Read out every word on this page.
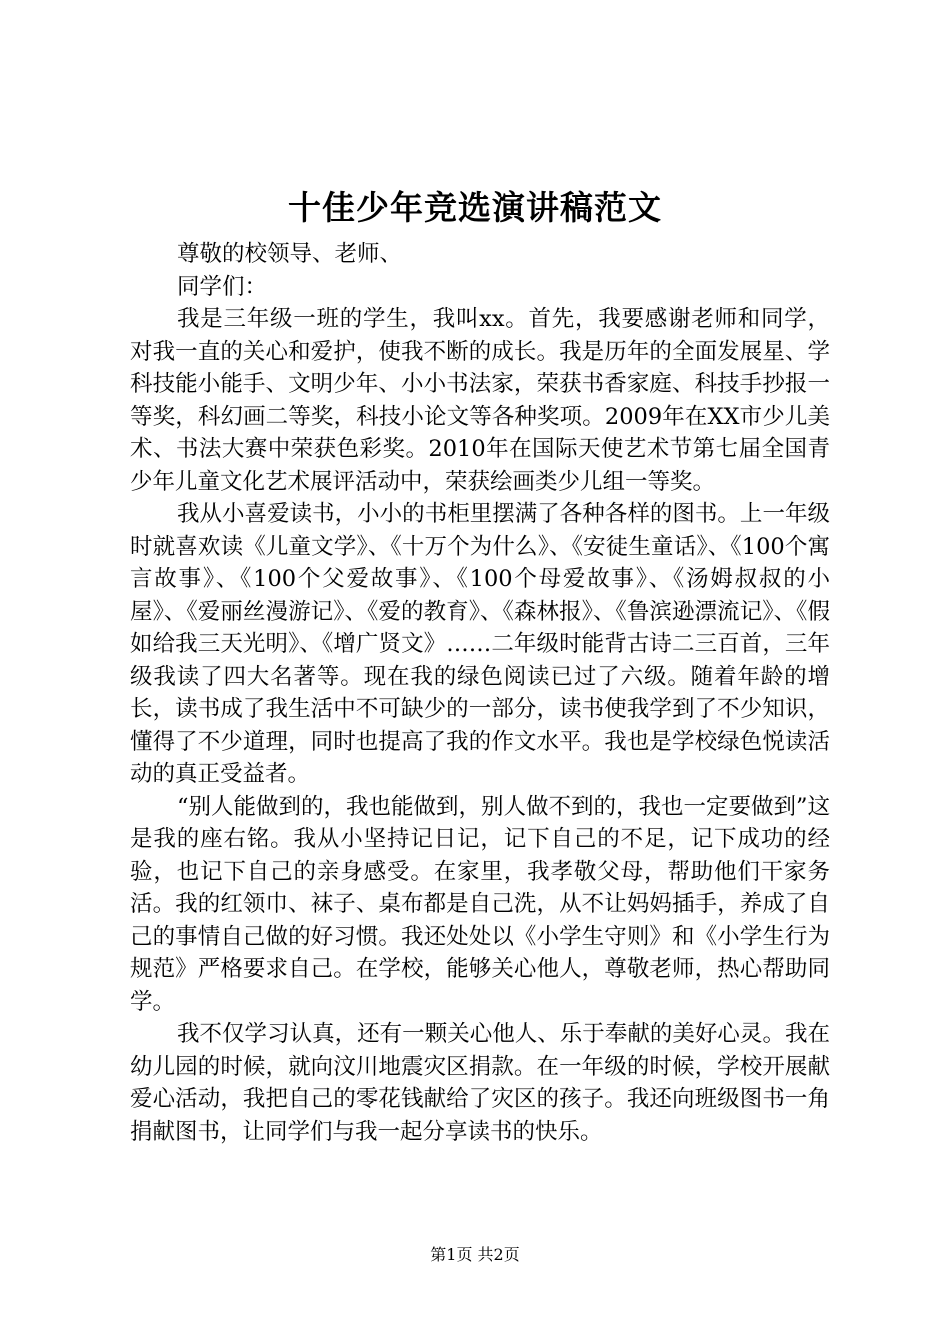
十佳少年竞选演讲稿范文

尊敬的校领导、老师、

同学们：

我是三年级一班的学生，我叫xx。首先，我要感谢老师和同学，对我一直的关心和爱护，使我不断的成长。我是历年的全面发展星、学科技能小能手、文明少年、小小书法家，荣获书香家庭、科技手抄报一等奖，科幻画二等奖，科技小论文等各种奖项。2009年在XX市少儿美术、书法大赛中荣获色彩奖。2010年在国际天使艺术节第七届全国青少年儿童文化艺术展评活动中，荣获绘画类少儿组一等奖。

我从小喜爱读书，小小的书柜里摆满了各种各样的图书。上一年级时就喜欢读《儿童文学》、《十万个为什么》、《安徒生童话》、《100个寓言故事》、《100个父爱故事》、《100个母爱故事》、《汤姆叔叔的小屋》、《爱丽丝漫游记》、《爱的教育》、《森林报》、《鲁滨逊漂流记》、《假如给我三天光明》、《增广贤文》……二年级时能背古诗二三百首，三年级我读了四大名著等。现在我的绿色阅读已过了六级。随着年龄的增长，读书成了我生活中不可缺少的一部分，读书使我学到了不少知识，懂得了不少道理，同时也提高了我的作文水平。我也是学校绿色悦读活动的真正受益者。

“别人能做到的，我也能做到，别人做不到的，我也一定要做到”这是我的座右铭。我从小坚持记日记，记下自己的不足，记下成功的经验，也记下自己的亲身感受。在家里，我孝敬父母，帮助他们干家务活。我的红领巾、袜子、桌布都是自己洗，从不让妈妈插手，养成了自己的事情自己做的好习惯。我还处处以《小学生守则》和《小学生行为规范》严格要求自己。在学校，能够关心他人，尊敬老师，热心帮助同学。

我不仅学习认真，还有一颗关心他人、乐于奉献的美好心灵。我在幼儿园的时候，就向汶川地震灾区捐款。在一年级的时候，学校开展献爱心活动，我把自己的零花钱献给了灾区的孩子。我还向班级图书一角捐献图书，让同学们与我一起分享读书的快乐。

第1页 共2页
